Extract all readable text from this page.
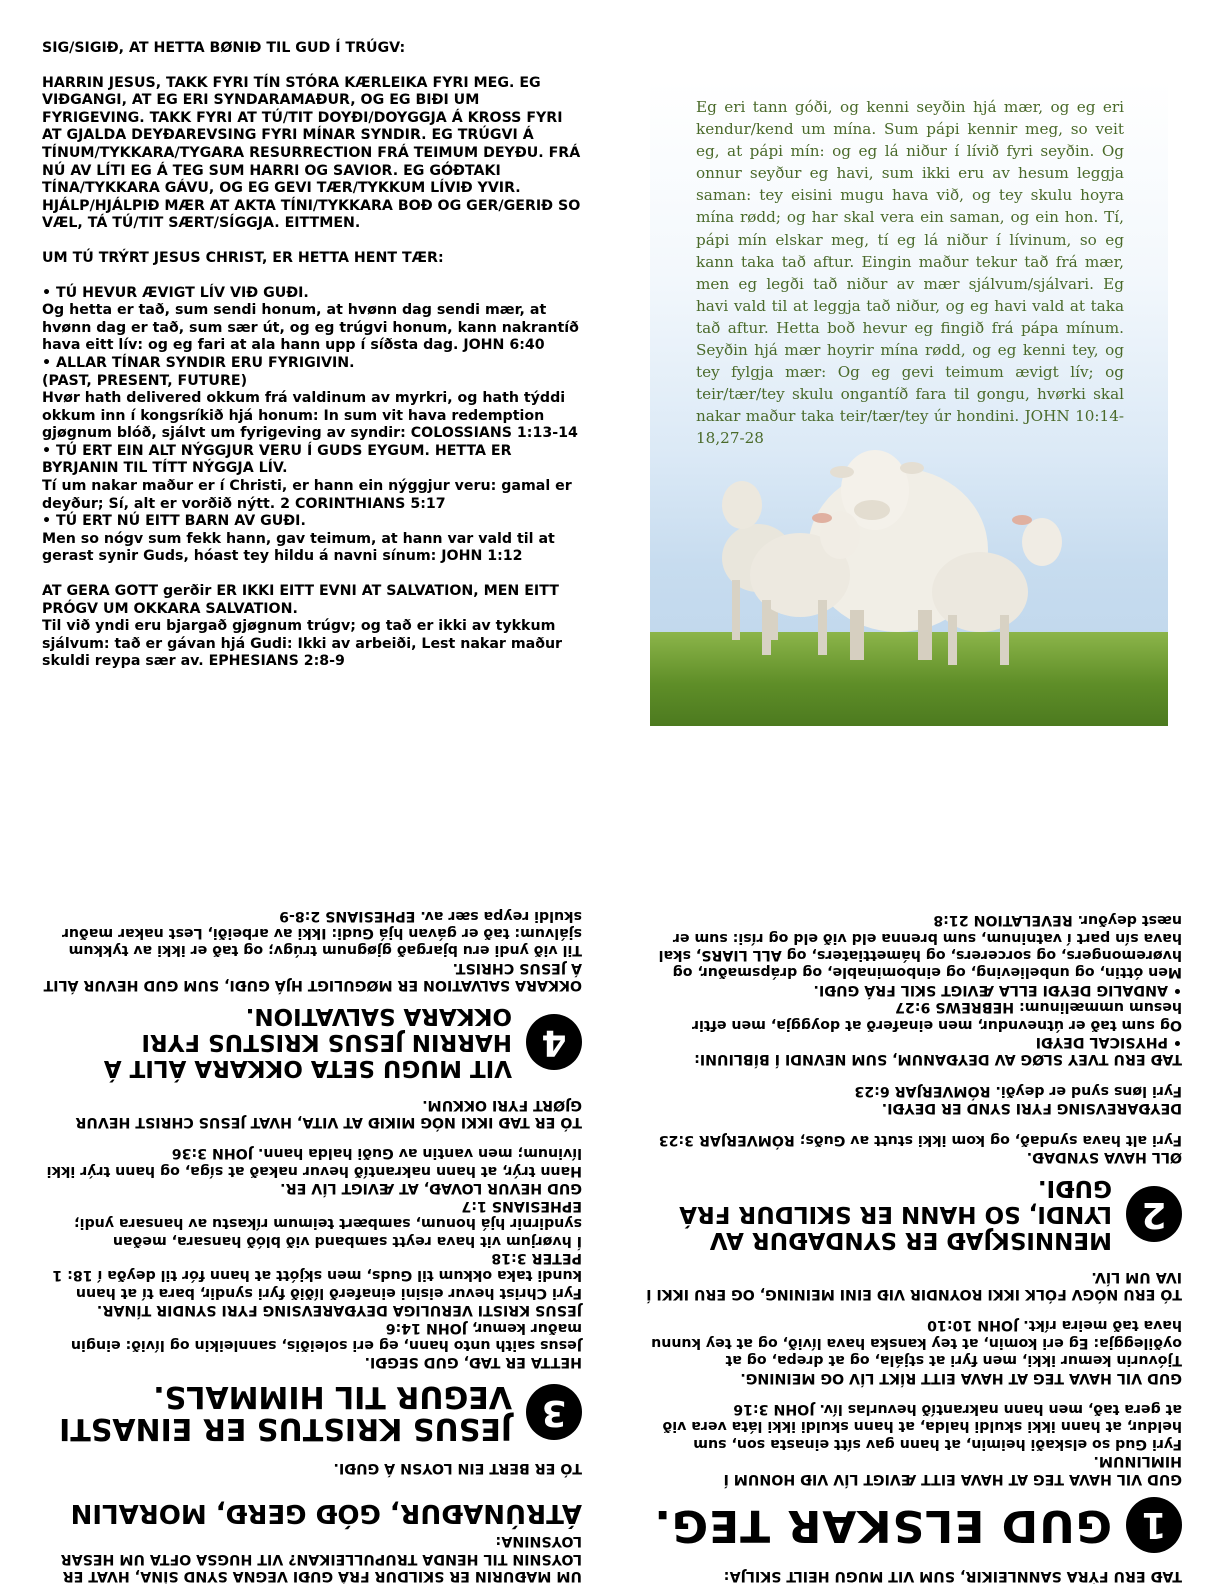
SIG/SIGIÐ, AT HETTA BØNIÐ TIL GUD Í TRÚGV:

HARRIN JESUS, TAKK FYRI TÍN STÓRA KÆRLEIKA FYRI MEG. EG VIÐGANGI, AT EG ERI SYNDARAMAÐUR, OG EG BIÐI UM FYRIGEVING. TAKK FYRI AT TÚ/TIT DOYÐI/DOYGGJA Á KROSS FYRI AT GJALDA DEYÐAREVSING FYRI MÍNAR SYNDIR. EG TRÚGVI Á TÍNUM/TYKKARA/TYGARA RESURRECTION FRÁ TEIMUM DEYÐU. FRÁ NÚ AV LÍTI EG Á TEG SUM HARRI OG SAVIOR. EG GÓÐTAKI TÍNA/TYKKARA GÁVU, OG EG GEVI TÆR/TYKKUM LÍVIÐ YVIR. HJÁLP/HJÁLPIÐ MÆR AT AKTA TÍNI/TYKKARA BOÐ OG GER/GERIÐ SO VÆL, TÁ TÚ/TIT SÆRT/SÍGGJA. EITTMEN.

UM TÚ TRÝRT JESUS CHRIST, ER HETTA HENT TÆR:

• TÚ HEVUR ÆVIGT LÍV VIÐ GUÐI.

Og hetta er tað, sum sendi honum, at hvønn dag sendi mær, at hvønn dag er tað, sum sær út, og eg trúgvi honum, kann nakrantíð hava eitt lív: og eg fari at ala hann upp í síðsta dag. JOHN 6:40

• ALLAR TÍNAR SYNDIR ERU FYRIGIVIN.

(PAST, PRESENT, FUTURE)
Hvør hath delivered okkum frá valdinum av myrkri, og hath týddi okkum inn í kongsríkið hjá honum: In sum vit hava redemption gjøgnum blóð, sjálvt um fyrigeving av syndir: COLOSSIANS 1:13-14

• TÚ ERT EIN ALT NÝGGJUR VERU Í GUDS EYGUM. HETTA ER BYRJANIN TIL TÍTT NÝGGJA LÍV.

Tí um nakar maður er í Christi, er hann ein nýggjur veru: gamal er deyður; Sí, alt er vorðið nýtt. 2 CORINTHIANS 5:17

• TÚ ERT NÚ EITT BARN AV GUÐI.

Men so nógv sum fekk hann, gav teimum, at hann var vald til at gerast synir Guds, hóast tey hildu á navni sínum: JOHN 1:12

AT GERA GOTT gerðir ER IKKI EITT EVNI AT SALVATION, MEN EITT PRÓGV UM OKKARA SALVATION.

Til við yndi eru bjargað gjøgnum trúgv; og tað er ikki av tykkum sjálvum: tað er gávan hjá Gudi: Ikki av arbeiði, Lest nakar maður skuldi reypa sær av. EPHESIANS 2:8-9

Eg eri tann góði, og kenni seyðin hjá mær, og eg eri kendur/kend um mína. Sum pápi kennir meg, so veit eg, at pápi mín: og eg lá niður í lívið fyri seyðin. Og onnur seyður eg havi, sum ikki eru av hesum leggja saman: tey eisini mugu hava við, og tey skulu hoyra mína rødd; og har skal vera ein saman, og ein hon. Tí, pápi mín elskar meg, tí eg lá niður í lívinum, so eg kann taka tað aftur. Eingin maður tekur tað frá mær, men eg legði tað niður av mær sjálvum/sjálvari. Eg havi vald til at leggja tað niður, og eg havi vald at taka tað aftur. Hetta boð hevur eg fingið frá pápa mínum. Seyðin hjá mær hoyrir mína rødd, og eg kenni tey, og tey fylgja mær: Og eg gevi teimum ævigt lív; og teir/tær/tey skulu ongantíð fara til gongu, hvørki skal nakar maður taka teir/tær/tey úr hondini. JOHN 10:14-18,27-28

TAÐ ERU FÝRA SANNLEIKIR, SUM VIT MUGU HEILT SKILJA:

1
GUD ELSKAR TEG.

GUD VIL HAVA TEG AT HAVA EITT ÆVIGT LÍV VIÐ HONUM Í HIMLINUM.

Fyri Gud so elskaði heimin, at hann gav sítt einasta son, sum heldur, at hann ikki skuldi halda, at hann skuldi ikki láta vera við at gera tað, men hann nakrantíð hevurlas lív. JOHN 3:16

GUD VIL HAVA TEG AT HAVA EITT RÍKT LÍV OG MEINING.

Tjóvurin kemur ikki, men fyri at stjála, og at drepa, og at oyðileggja: Eg eri komin, at tey kanska hava lívið, og at tey kunnu hava tað meira ríkt. JOHN 10:10

TÓ ERU NÓGV FÓLK IKKI ROYNDIR VIÐ EINI MEINING, OG ERU IKKI Í IVA UM LÍV.

2
MENNISKJAÐ ER SYNDAÐUR AV LYNDI, SO HANN ER SKILDUR FRÁ GUÐI.

ØLL HAVA SYNDAÐ.

Fyri alt hava syndað, og kom ikki stutt av Guðs; RÓMVERJAR 3:23

DEYÐAREVSING FYRI SYND ER DEYÐI.

Fyri løns synd er deyði. RÓMVERJAR 6:23

TAÐ ERU TVEY SLØG AV DEYÐANUM, SUM NEVNDI Í BÍBLIUNI:

• PHYSICAL DEYÐI

Og sum tað er útnevndur, men einaferð at doyggja, men eftir hesum ummælinum: HEBREWS 9:27

• ANDALIG DEYÐI ELLA ÆVIGT SKIL FRÁ GUÐI.

Men óttin, og unbelieving, og einbominable, og drápsmaður, og hvøremongers, og sorcerers, og hámettiaters, og ALL LIARS, skal hava sín part í vatninum, sum brenna eld við eld og rísi: sum er næst deyður. REVELATION 21:8

UM MAÐURIN ER SKILDUR FRÁ GUÐI VEGNA SYND SÍNA, HVAT ER LOYSNIN TIL HENDA TRUPULLEIKAN? VIT HUGSA OFTA UM HESAR LOYSNINA:

ÁTRÚNAÐUR, GÓÐ GERÐ, MORALIN

TÓ ER BERT EIN LOYSN Á GUÐI.

3
JESUS KRISTUS ER EINASTI VEGUR TIL HIMMALS.

HETTA ER TAÐ, GUD SEGÐI.

Jesus saith unto hann, eg eri soleiðis, sannleikin og lívið: eingin maður kemur, JOHN 14:6

JESUS KRISTI VERULIGA DEYÐAREVSING FYRI SYNDIR TÍNAR.

Fyri Christ hevur eisini einaferð líðið fyri syndir, bara tí at hann kundi taka okkum til Guds, men skjótt at hann fór til deyða í 18: 1 PETER 3:18

Í hvørjum vit hava reytt samband við blóð hansara, meðan syndirnir hjá honum, sambært teimum ríkastu av hansara yndi; EPHESIANS 1:7

GUD HEVUR LOVAÐ, AT ÆVIGT LÍV ER.

Hann trýr, at hann nakrantíð hevur nakað at síga, og hann trýr ikki lívinum; men vantin av Guði halda hann. JOHN 3:36

TÓ ER TAÐ IKKI NÓG MIKIÐ AT VITA, HVAT JESUS CHRIST HEVUR GJØRT FYRI OKKUM.

4
VIT MUGU SETA OKKARA ÁLIT Á HARRIN JESUS KRISTUS FYRI OKKARA SALVATION.

OKKARA SALVATION ER MØGULIGT HJÁ GUÐI, SUM GUD HEVUR ÁLIT Á JESUS CHRIST.

Til við yndi eru bjargað gjøgnum trúgv; og tað er ikki av tykkum sjálvum: tað er gávan hjá Gudi: Ikki av arbeiði, Lest nakar maður skuldi reypa sær av. EPHESIANS 2:8-9
